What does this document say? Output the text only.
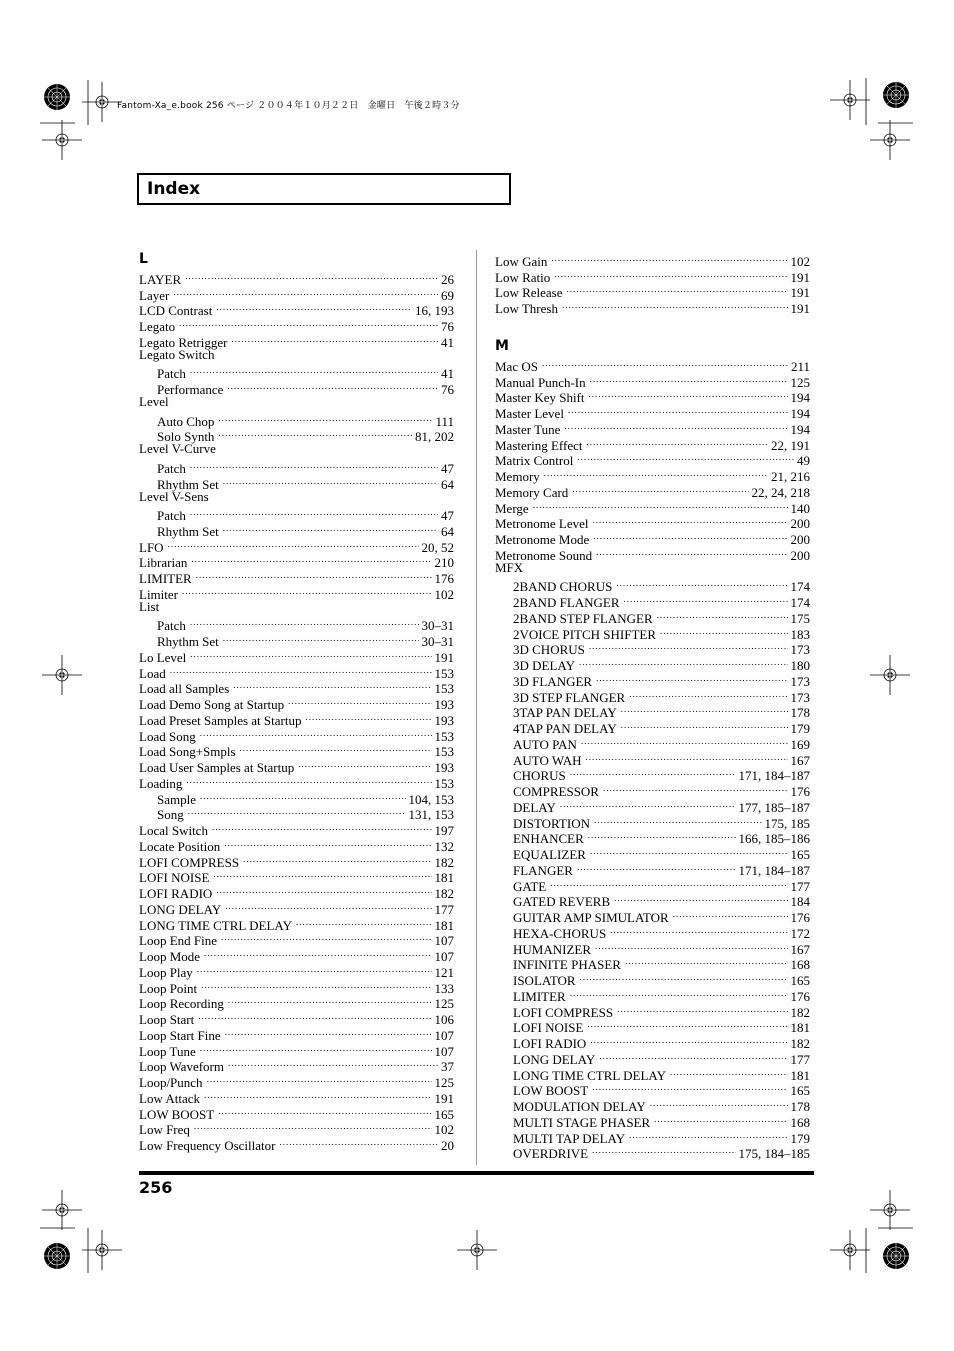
Fantom-Xa_e.book 256 ページ ２００４年１０月２２日　金曜日　午後２時３分
Index
L
LAYER .....	26
Layer .....	69
LCD Contrast .....	16, 193
Legato .....	76
Legato Retrigger .....	41
Legato Switch
Patch .....	41
Performance .....	76
Level
Auto Chop .....	111
Solo Synth .....	81, 202
Level V-Curve
Patch .....	47
Rhythm Set .....	64
Level V-Sens
Patch .....	47
Rhythm Set .....	64
LFO .....	20, 52
Librarian .....	210
LIMITER .....	176
Limiter .....	102
List
Patch .....	30–31
Rhythm Set .....	30–31
Lo Level .....	191
Load .....	153
Load all Samples .....	153
Load Demo Song at Startup .....	193
Load Preset Samples at Startup .....	193
Load Song .....	153
Load Song+Smpls .....	153
Load User Samples at Startup .....	193
Loading .....	153
Sample .....	104, 153
Song .....	131, 153
Local Switch .....	197
Locate Position .....	132
LOFI COMPRESS .....	182
LOFI NOISE .....	181
LOFI RADIO .....	182
LONG DELAY .....	177
LONG TIME CTRL DELAY .....	181
Loop End Fine .....	107
Loop Mode .....	107
Loop Play .....	121
Loop Point .....	133
Loop Recording .....	125
Loop Start .....	106
Loop Start Fine .....	107
Loop Tune .....	107
Loop Waveform .....	37
Loop/Punch .....	125
Low Attack .....	191
LOW BOOST .....	165
Low Freq .....	102
Low Frequency Oscillator .....	20
Low Gain .....	102
Low Ratio .....	191
Low Release .....	191
Low Thresh .....	191
M
Mac OS .....	211
Manual Punch-In .....	125
Master Key Shift .....	194
Master Level .....	194
Master Tune .....	194
Mastering Effect .....	22, 191
Matrix Control .....	49
Memory .....	21, 216
Memory Card .....	22, 24, 218
Merge .....	140
Metronome Level .....	200
Metronome Mode .....	200
Metronome Sound .....	200
MFX
2BAND CHORUS .....	174
2BAND FLANGER .....	174
2BAND STEP FLANGER .....	175
2VOICE PITCH SHIFTER .....	183
3D CHORUS .....	173
3D DELAY .....	180
3D FLANGER .....	173
3D STEP FLANGER .....	173
3TAP PAN DELAY .....	178
4TAP PAN DELAY .....	179
AUTO PAN .....	169
AUTO WAH .....	167
CHORUS .....	171, 184–187
COMPRESSOR .....	176
DELAY .....	177, 185–187
DISTORTION .....	175, 185
ENHANCER .....	166, 185–186
EQUALIZER .....	165
FLANGER .....	171, 184–187
GATE .....	177
GATED REVERB .....	184
GUITAR AMP SIMULATOR .....	176
HEXA-CHORUS .....	172
HUMANIZER .....	167
INFINITE PHASER .....	168
ISOLATOR .....	165
LIMITER .....	176
LOFI COMPRESS .....	182
LOFI NOISE .....	181
LOFI RADIO .....	182
LONG DELAY .....	177
LONG TIME CTRL DELAY .....	181
LOW BOOST .....	165
MODULATION DELAY .....	178
MULTI STAGE PHASER .....	168
MULTI TAP DELAY .....	179
OVERDRIVE .....	175, 184–185
256
